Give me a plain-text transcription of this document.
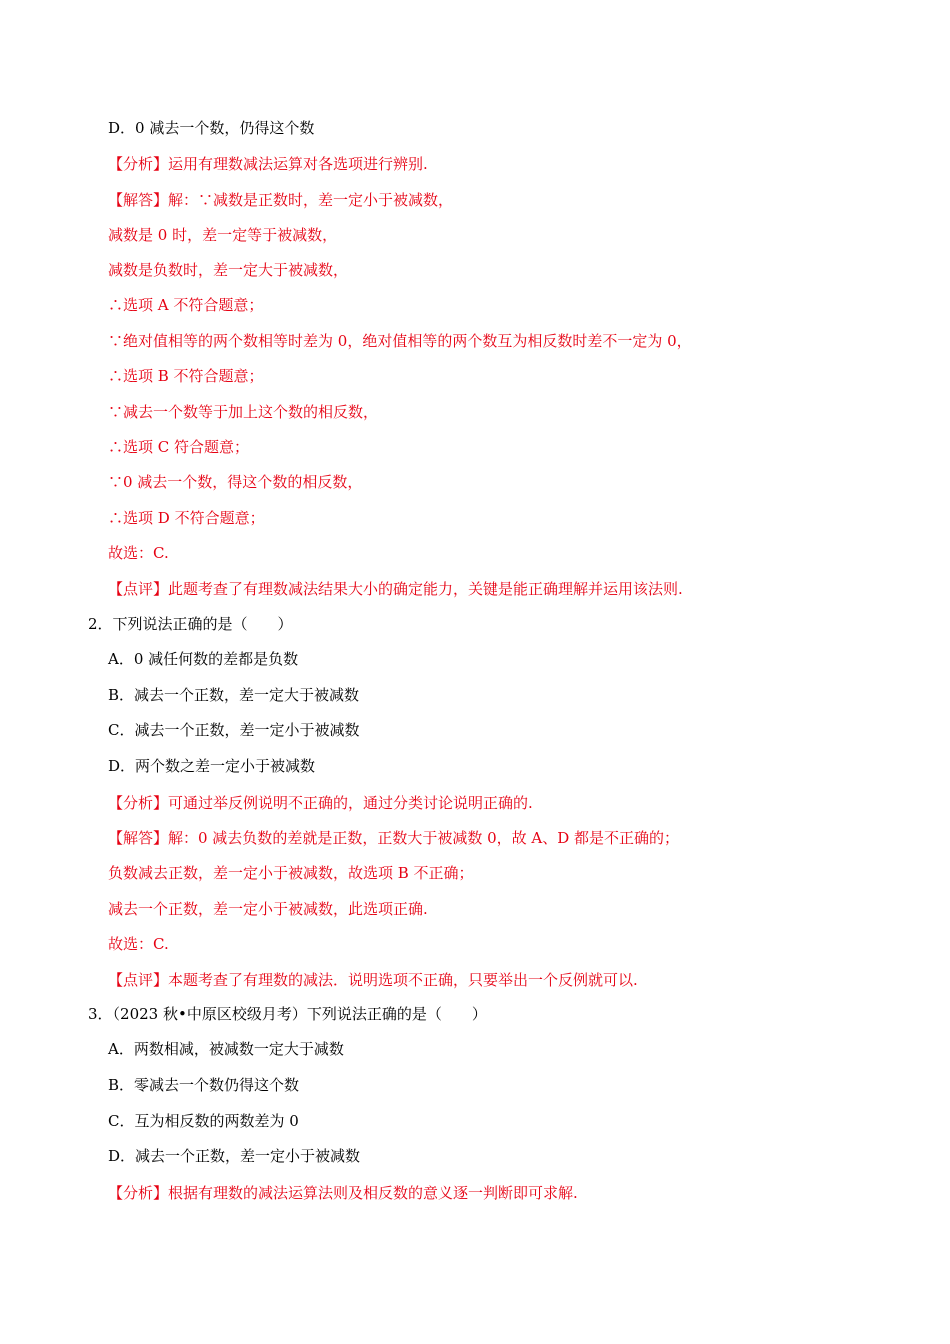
D．0 减去一个数，仍得这个数
【分析】运用有理数减法运算对各选项进行辨别.
【解答】解：∵减数是正数时，差一定小于被减数，
减数是 0 时，差一定等于被减数，
减数是负数时，差一定大于被减数，
∴选项 A 不符合题意；
∵绝对值相等的两个数相等时差为 0，绝对值相等的两个数互为相反数时差不一定为 0，
∴选项 B 不符合题意；
∵减去一个数等于加上这个数的相反数，
∴选项 C 符合题意；
∵0 减去一个数，得这个数的相反数，
∴选项 D 不符合题意；
故选：C.
【点评】此题考查了有理数减法结果大小的确定能力，关键是能正确理解并运用该法则.
2．下列说法正确的是（　　）
A．0 减任何数的差都是负数
B．减去一个正数，差一定大于被减数
C．减去一个正数，差一定小于被减数
D．两个数之差一定小于被减数
【分析】可通过举反例说明不正确的，通过分类讨论说明正确的.
【解答】解：0 减去负数的差就是正数，正数大于被减数 0，故 A、D 都是不正确的；
负数减去正数，差一定小于被减数，故选项 B 不正确；
减去一个正数，差一定小于被减数，此选项正确.
故选：C.
【点评】本题考查了有理数的减法．说明选项不正确，只要举出一个反例就可以.
3．（2023 秋•中原区校级月考）下列说法正确的是（　　）
A．两数相减，被减数一定大于减数
B．零减去一个数仍得这个数
C．互为相反数的两数差为 0
D．减去一个正数，差一定小于被减数
【分析】根据有理数的减法运算法则及相反数的意义逐一判断即可求解.
